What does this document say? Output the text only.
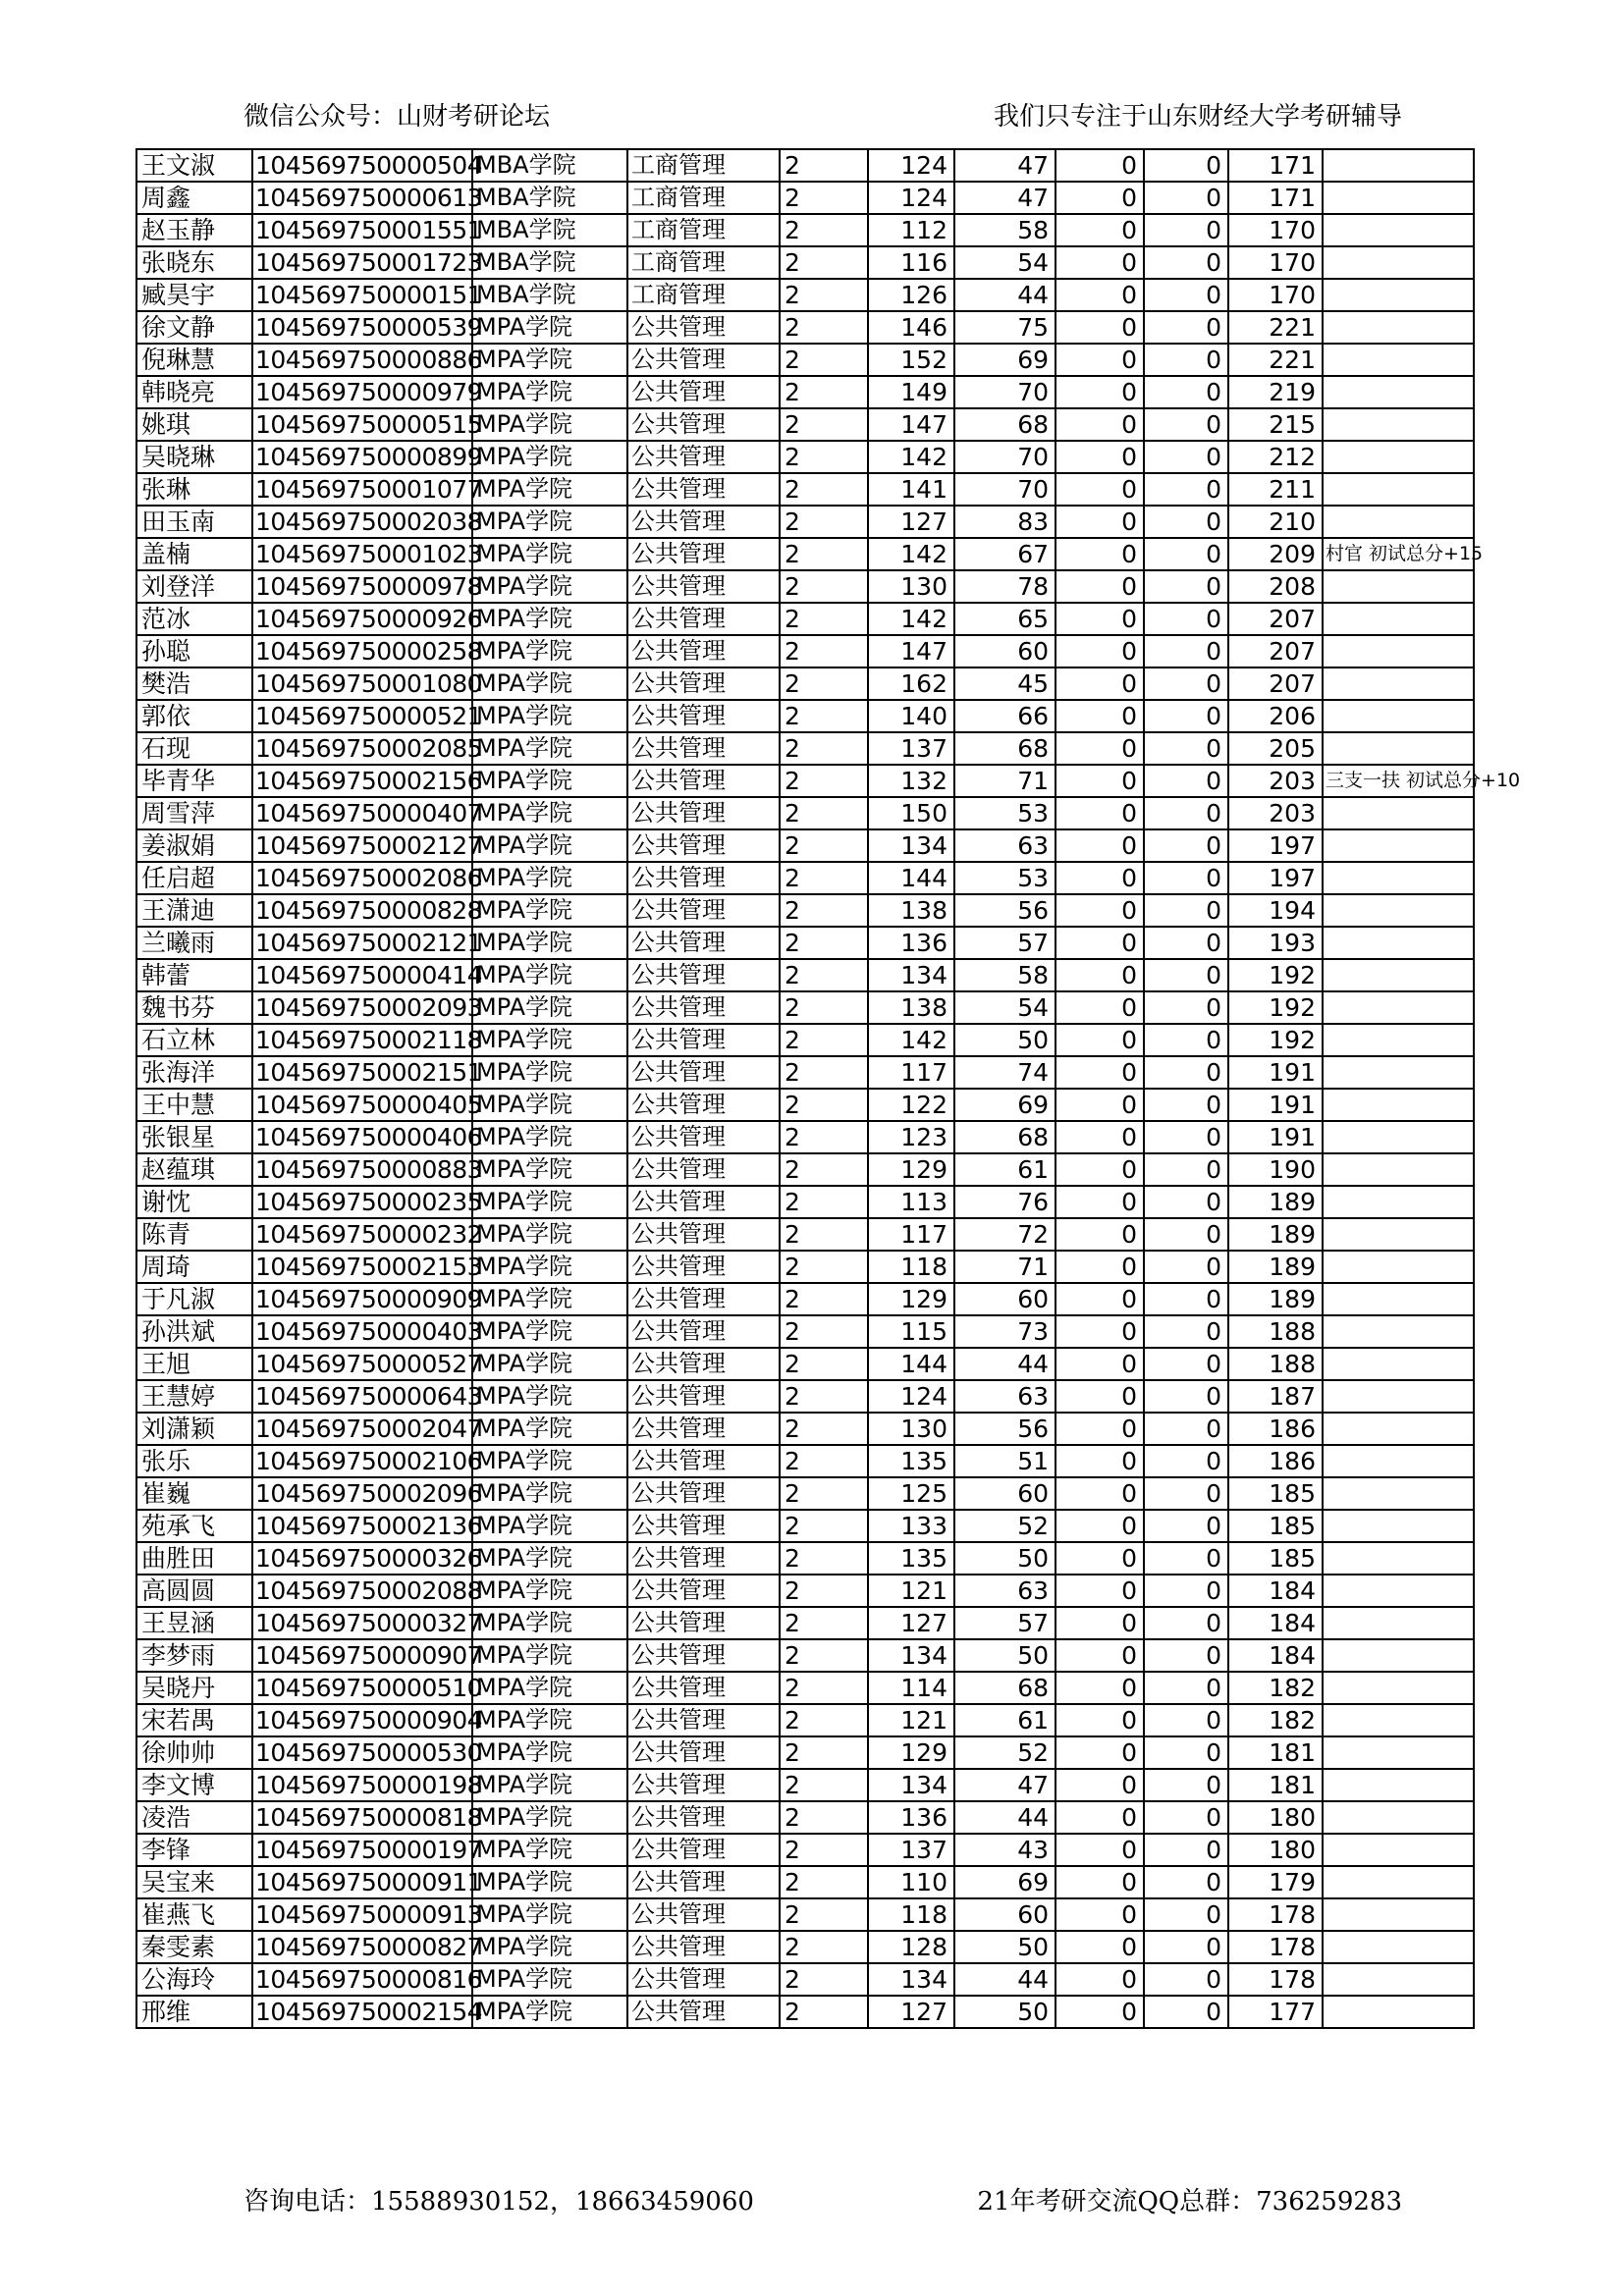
微信公众号：山财考研论坛	我们只专注于山东财经大学考研辅导
王文淑	104569750000504	MBA学院	工商管理	2	124	47	0	0	171	
周鑫	104569750000613	MBA学院	工商管理	2	124	47	0	0	171	
赵玉静	104569750001551	MBA学院	工商管理	2	112	58	0	0	170	
张晓东	104569750001723	MBA学院	工商管理	2	116	54	0	0	170	
臧昊宇	104569750000151	MBA学院	工商管理	2	126	44	0	0	170	
徐文静	104569750000539	MPA学院	公共管理	2	146	75	0	0	221	
倪琳慧	104569750000886	MPA学院	公共管理	2	152	69	0	0	221	
韩晓亮	104569750000979	MPA学院	公共管理	2	149	70	0	0	219	
姚琪	104569750000515	MPA学院	公共管理	2	147	68	0	0	215	
吴晓琳	104569750000899	MPA学院	公共管理	2	142	70	0	0	212	
张琳	104569750001077	MPA学院	公共管理	2	141	70	0	0	211	
田玉南	104569750002038	MPA学院	公共管理	2	127	83	0	0	210	
盖楠	104569750001023	MPA学院	公共管理	2	142	67	0	0	209	村官 初试总分+15
刘登洋	104569750000978	MPA学院	公共管理	2	130	78	0	0	208	
范冰	104569750000926	MPA学院	公共管理	2	142	65	0	0	207	
孙聪	104569750000258	MPA学院	公共管理	2	147	60	0	0	207	
樊浩	104569750001080	MPA学院	公共管理	2	162	45	0	0	207	
郭依	104569750000521	MPA学院	公共管理	2	140	66	0	0	206	
石现	104569750002085	MPA学院	公共管理	2	137	68	0	0	205	
毕青华	104569750002156	MPA学院	公共管理	2	132	71	0	0	203	三支一扶 初试总分+10
周雪萍	104569750000407	MPA学院	公共管理	2	150	53	0	0	203	
姜淑娟	104569750002127	MPA学院	公共管理	2	134	63	0	0	197	
任启超	104569750002086	MPA学院	公共管理	2	144	53	0	0	197	
王潇迪	104569750000828	MPA学院	公共管理	2	138	56	0	0	194	
兰曦雨	104569750002121	MPA学院	公共管理	2	136	57	0	0	193	
韩蕾	104569750000414	MPA学院	公共管理	2	134	58	0	0	192	
魏书芬	104569750002093	MPA学院	公共管理	2	138	54	0	0	192	
石立林	104569750002118	MPA学院	公共管理	2	142	50	0	0	192	
张海洋	104569750002151	MPA学院	公共管理	2	117	74	0	0	191	
王中慧	104569750000405	MPA学院	公共管理	2	122	69	0	0	191	
张银星	104569750000406	MPA学院	公共管理	2	123	68	0	0	191	
赵蕴琪	104569750000883	MPA学院	公共管理	2	129	61	0	0	190	
谢忱	104569750000235	MPA学院	公共管理	2	113	76	0	0	189	
陈青	104569750000232	MPA学院	公共管理	2	117	72	0	0	189	
周琦	104569750002153	MPA学院	公共管理	2	118	71	0	0	189	
于凡淑	104569750000909	MPA学院	公共管理	2	129	60	0	0	189	
孙洪斌	104569750000403	MPA学院	公共管理	2	115	73	0	0	188	
王旭	104569750000527	MPA学院	公共管理	2	144	44	0	0	188	
王慧婷	104569750000643	MPA学院	公共管理	2	124	63	0	0	187	
刘潇颖	104569750002047	MPA学院	公共管理	2	130	56	0	0	186	
张乐	104569750002106	MPA学院	公共管理	2	135	51	0	0	186	
崔巍	104569750002096	MPA学院	公共管理	2	125	60	0	0	185	
苑承飞	104569750002136	MPA学院	公共管理	2	133	52	0	0	185	
曲胜田	104569750000326	MPA学院	公共管理	2	135	50	0	0	185	
高圆圆	104569750002088	MPA学院	公共管理	2	121	63	0	0	184	
王昱涵	104569750000327	MPA学院	公共管理	2	127	57	0	0	184	
李梦雨	104569750000907	MPA学院	公共管理	2	134	50	0	0	184	
吴晓丹	104569750000510	MPA学院	公共管理	2	114	68	0	0	182	
宋若禺	104569750000904	MPA学院	公共管理	2	121	61	0	0	182	
徐帅帅	104569750000530	MPA学院	公共管理	2	129	52	0	0	181	
李文博	104569750000198	MPA学院	公共管理	2	134	47	0	0	181	
凌浩	104569750000818	MPA学院	公共管理	2	136	44	0	0	180	
李锋	104569750000197	MPA学院	公共管理	2	137	43	0	0	180	
吴宝来	104569750000911	MPA学院	公共管理	2	110	69	0	0	179	
崔燕飞	104569750000913	MPA学院	公共管理	2	118	60	0	0	178	
秦雯素	104569750000827	MPA学院	公共管理	2	128	50	0	0	178	
公海玲	104569750000816	MPA学院	公共管理	2	134	44	0	0	178	
邢维	104569750002154	MPA学院	公共管理	2	127	50	0	0	177	
咨询电话：15588930152，18663459060	21年考研交流QQ总群：736259283
